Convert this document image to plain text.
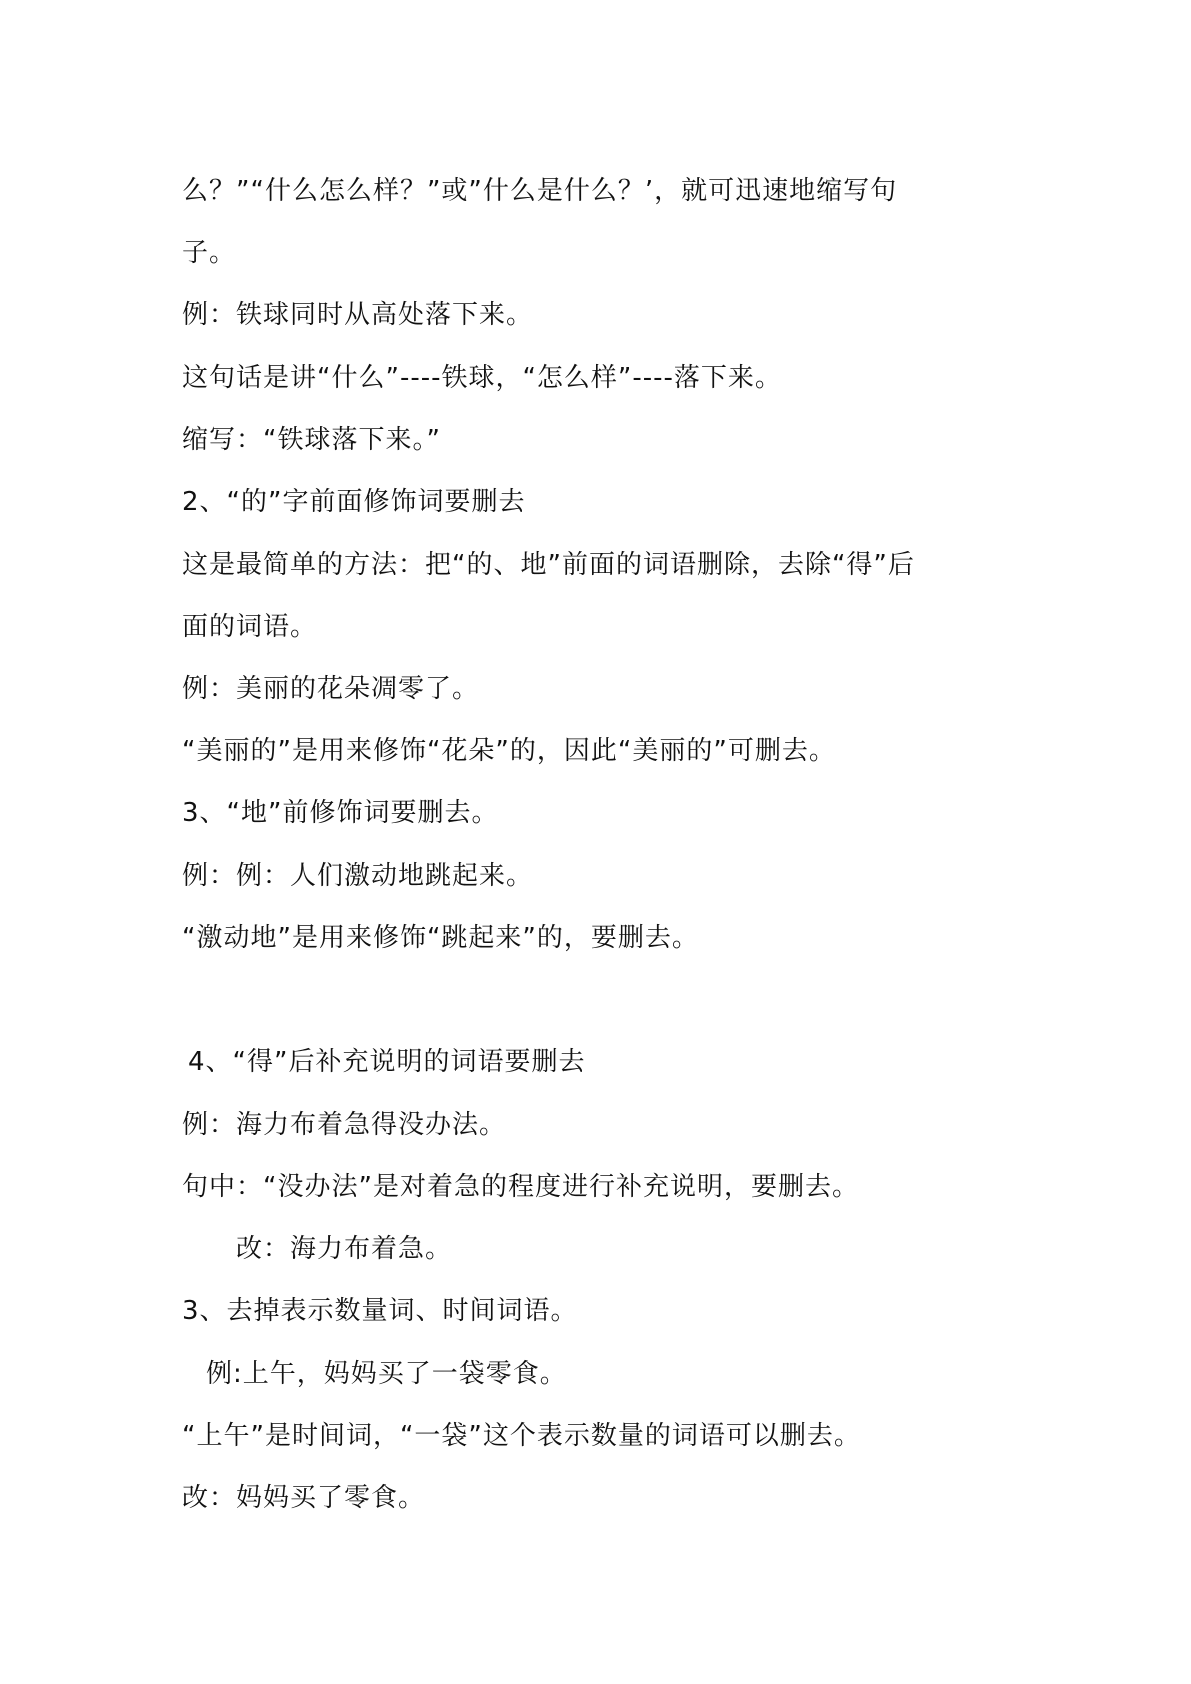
么？”“什么怎么样？”或”什么是什么？’，就可迅速地缩写句
子。
例：铁球同时从高处落下来。
这句话是讲“什么”----铁球，“怎么样”----落下来。
缩写：“铁球落下来。”
2、“的”字前面修饰词要删去
这是最简单的方法：把“的、地”前面的词语删除，去除“得”后
面的词语。
例：美丽的花朵凋零了。
“美丽的”是用来修饰“花朵”的，因此“美丽的”可删去。
3、“地”前修饰词要删去。
例：例：人们激动地跳起来。
“激动地”是用来修饰“跳起来”的，要删去。
4、“得”后补充说明的词语要删去
例：海力布着急得没办法。
句中：“没办法”是对着急的程度进行补充说明，要删去。
改：海力布着急。
3、去掉表示数量词、时间词语。
例:上午，妈妈买了一袋零食。
“上午”是时间词，“一袋”这个表示数量的词语可以删去。
改：妈妈买了零食。
